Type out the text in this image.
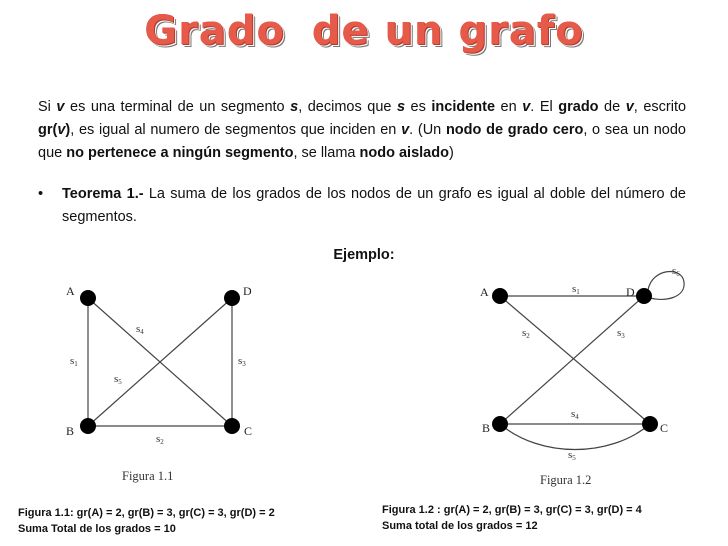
Grado de un grafo
Si v es una terminal de un segmento s, decimos que s es incidente en v. El grado de v, escrito gr(v), es igual al numero de segmentos que inciden en v. (Un nodo de grado cero, o sea un nodo que no pertenece a ningún segmento, se llama nodo aislado)
• Teorema 1.- La suma de los grados de los nodos de un grafo es igual al doble del número de segmentos.
Ejemplo:
A	D
B	C
s1
s2
s3
s4
s5
Figura 1.1
A	D
B	C
s1
s2	s3
s4
s5
s6
Figura 1.2
Figura 1.1: gr(A) = 2, gr(B) = 3, gr(C) = 3, gr(D) = 2
Suma Total de los grados = 10
Figura 1.2 : gr(A) = 2, gr(B) = 3, gr(C) = 3, gr(D) = 4
Suma total de los grados = 12
